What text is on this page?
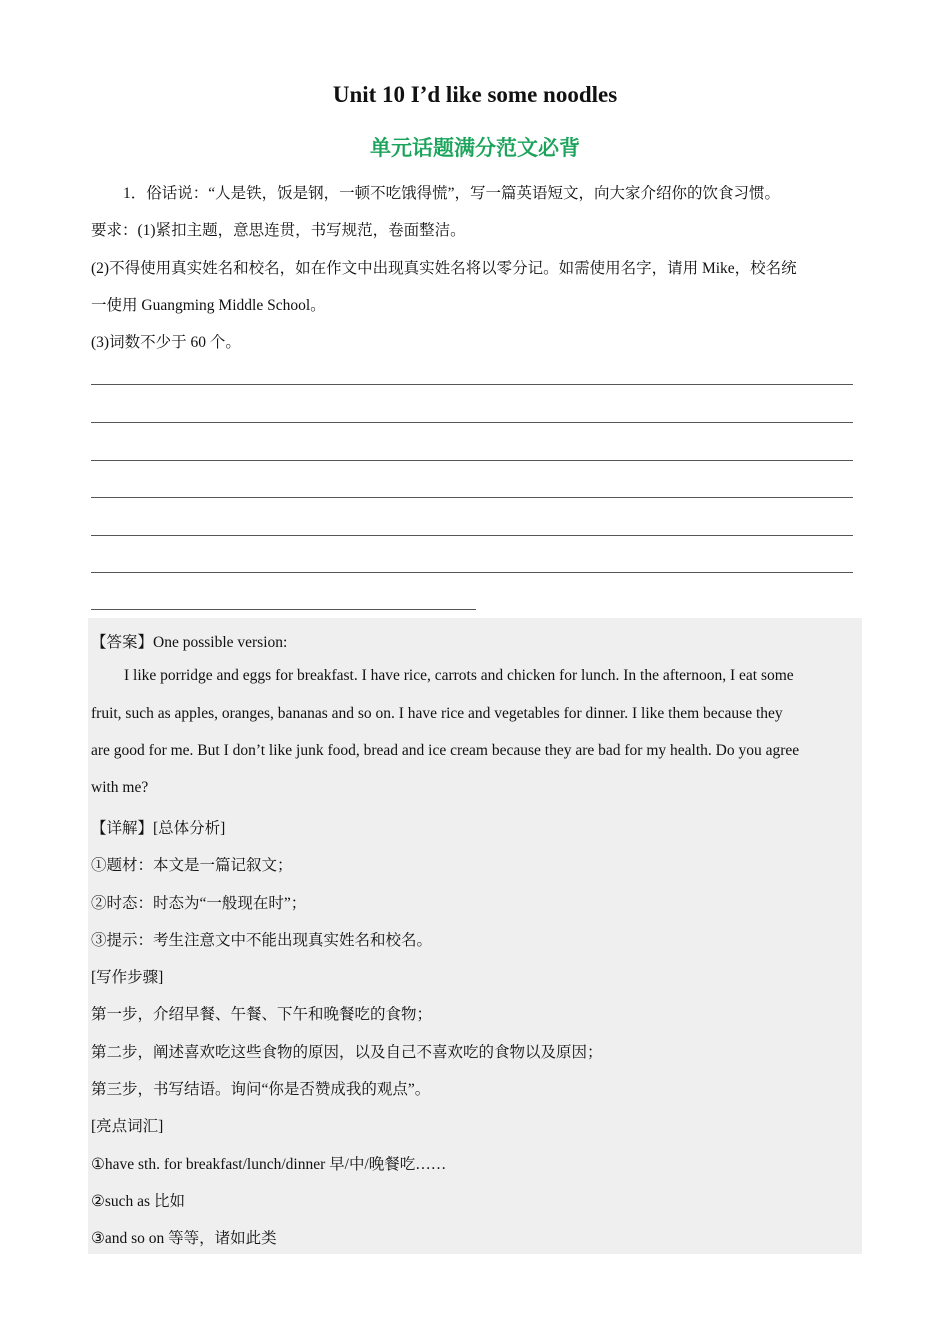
Unit 10 I’d like some noodles
单元话题满分范文必背
1．俗话说：“人是铁，饭是钢，一顿不吃饿得慌”，写一篇英语短文，向大家介绍你的饮食习惯。
要求：(1)紧扣主题，意思连贯，书写规范，卷面整洁。
(2)不得使用真实姓名和校名，如在作文中出现真实姓名将以零分记。如需使用名字，请用 Mike，校名统
一使用 Guangming Middle School。
(3)词数不少于 60 个。
【答案】One possible version:
I like porridge and eggs for breakfast. I have rice, carrots and chicken for lunch. In the afternoon, I eat some
fruit, such as apples, oranges, bananas and so on. I have rice and vegetables for dinner. I like them because they
are good for me. But I don’t like junk food, bread and ice cream because they are bad for my health. Do you agree
with me?
【详解】[总体分析]
①题材：本文是一篇记叙文；
②时态：时态为“一般现在时”；
③提示：考生注意文中不能出现真实姓名和校名。
[写作步骤]
第一步，介绍早餐、午餐、下午和晚餐吃的食物；
第二步，阐述喜欢吃这些食物的原因，以及自己不喜欢吃的食物以及原因；
第三步，书写结语。询问“你是否赞成我的观点”。
[亮点词汇]
①have sth. for breakfast/lunch/dinner 早/中/晚餐吃……
②such as 比如
③and so on 等等，诸如此类
